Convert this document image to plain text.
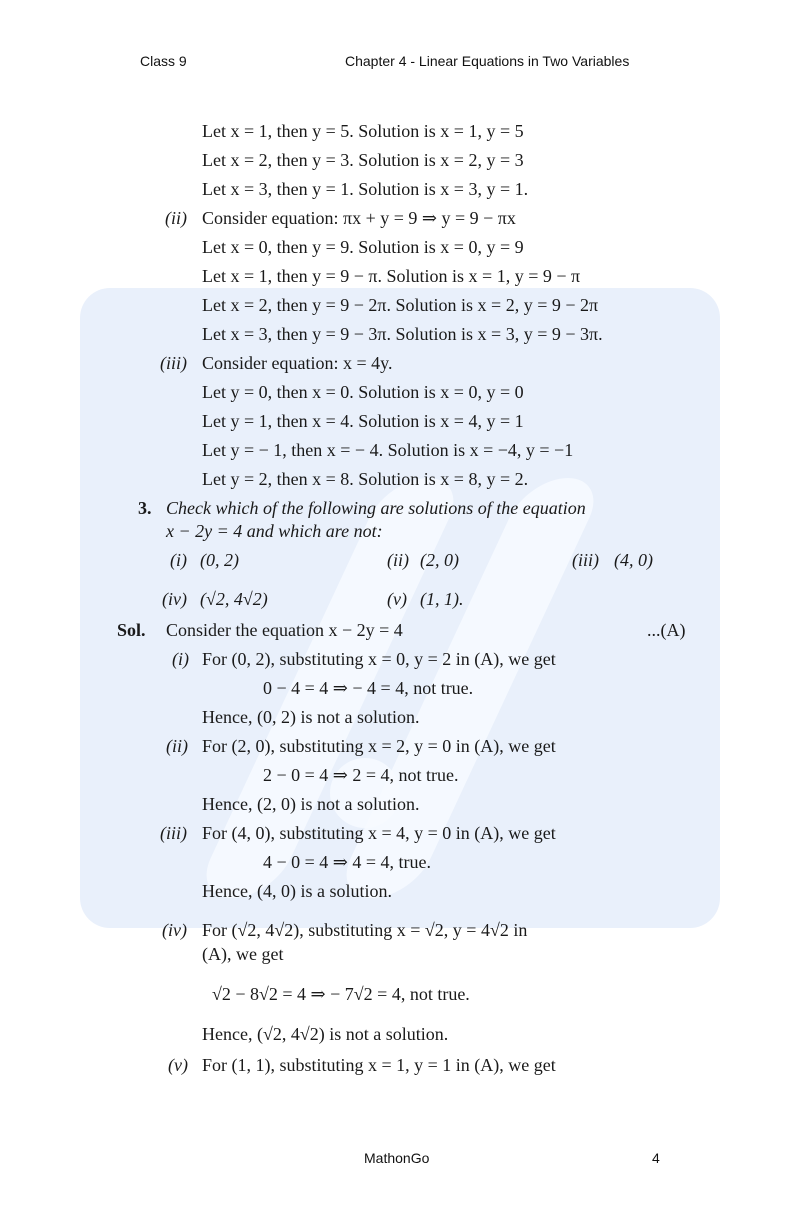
Class 9	Chapter 4 - Linear Equations in Two Variables
Let x = 1, then y = 5. Solution is x = 1, y = 5
Let x = 2, then y = 3. Solution is x = 2, y = 3
Let x = 3, then y = 1. Solution is x = 3, y = 1.
(ii) Consider equation: πx + y = 9 ⇒ y = 9 − πx
Let x = 0, then y = 9. Solution is x = 0, y = 9
Let x = 1, then y = 9 − π. Solution is x = 1, y = 9 − π
Let x = 2, then y = 9 − 2π. Solution is x = 2, y = 9 − 2π
Let x = 3, then y = 9 − 3π. Solution is x = 3, y = 9 − 3π.
(iii) Consider equation: x = 4y.
Let y = 0, then x = 0. Solution is x = 0, y = 0
Let y = 1, then x = 4. Solution is x = 4, y = 1
Let y = − 1, then x = − 4. Solution is x = −4, y = −1
Let y = 2, then x = 8. Solution is x = 8, y = 2.
3. Check which of the following are solutions of the equation
x − 2y = 4 and which are not:
(i) (0, 2)	(ii) (2, 0)	(iii) (4, 0)
(iv) (√2, 4√2)	(v) (1, 1).
Sol. Consider the equation x − 2y = 4	...(A)
(i) For (0, 2), substituting x = 0, y = 2 in (A), we get
0 − 4 = 4 ⇒ − 4 = 4, not true.
Hence, (0, 2) is not a solution.
(ii) For (2, 0), substituting x = 2, y = 0 in (A), we get
2 − 0 = 4 ⇒ 2 = 4, not true.
Hence, (2, 0) is not a solution.
(iii) For (4, 0), substituting x = 4, y = 0 in (A), we get
4 − 0 = 4 ⇒ 4 = 4, true.
Hence, (4, 0) is a solution.
(iv) For (√2, 4√2), substituting x = √2, y = 4√2 in
(A), we get
√2 − 8√2 = 4 ⇒ − 7√2 = 4, not true.
Hence, (√2, 4√2) is not a solution.
(v) For (1, 1), substituting x = 1, y = 1 in (A), we get
MathonGo	4
